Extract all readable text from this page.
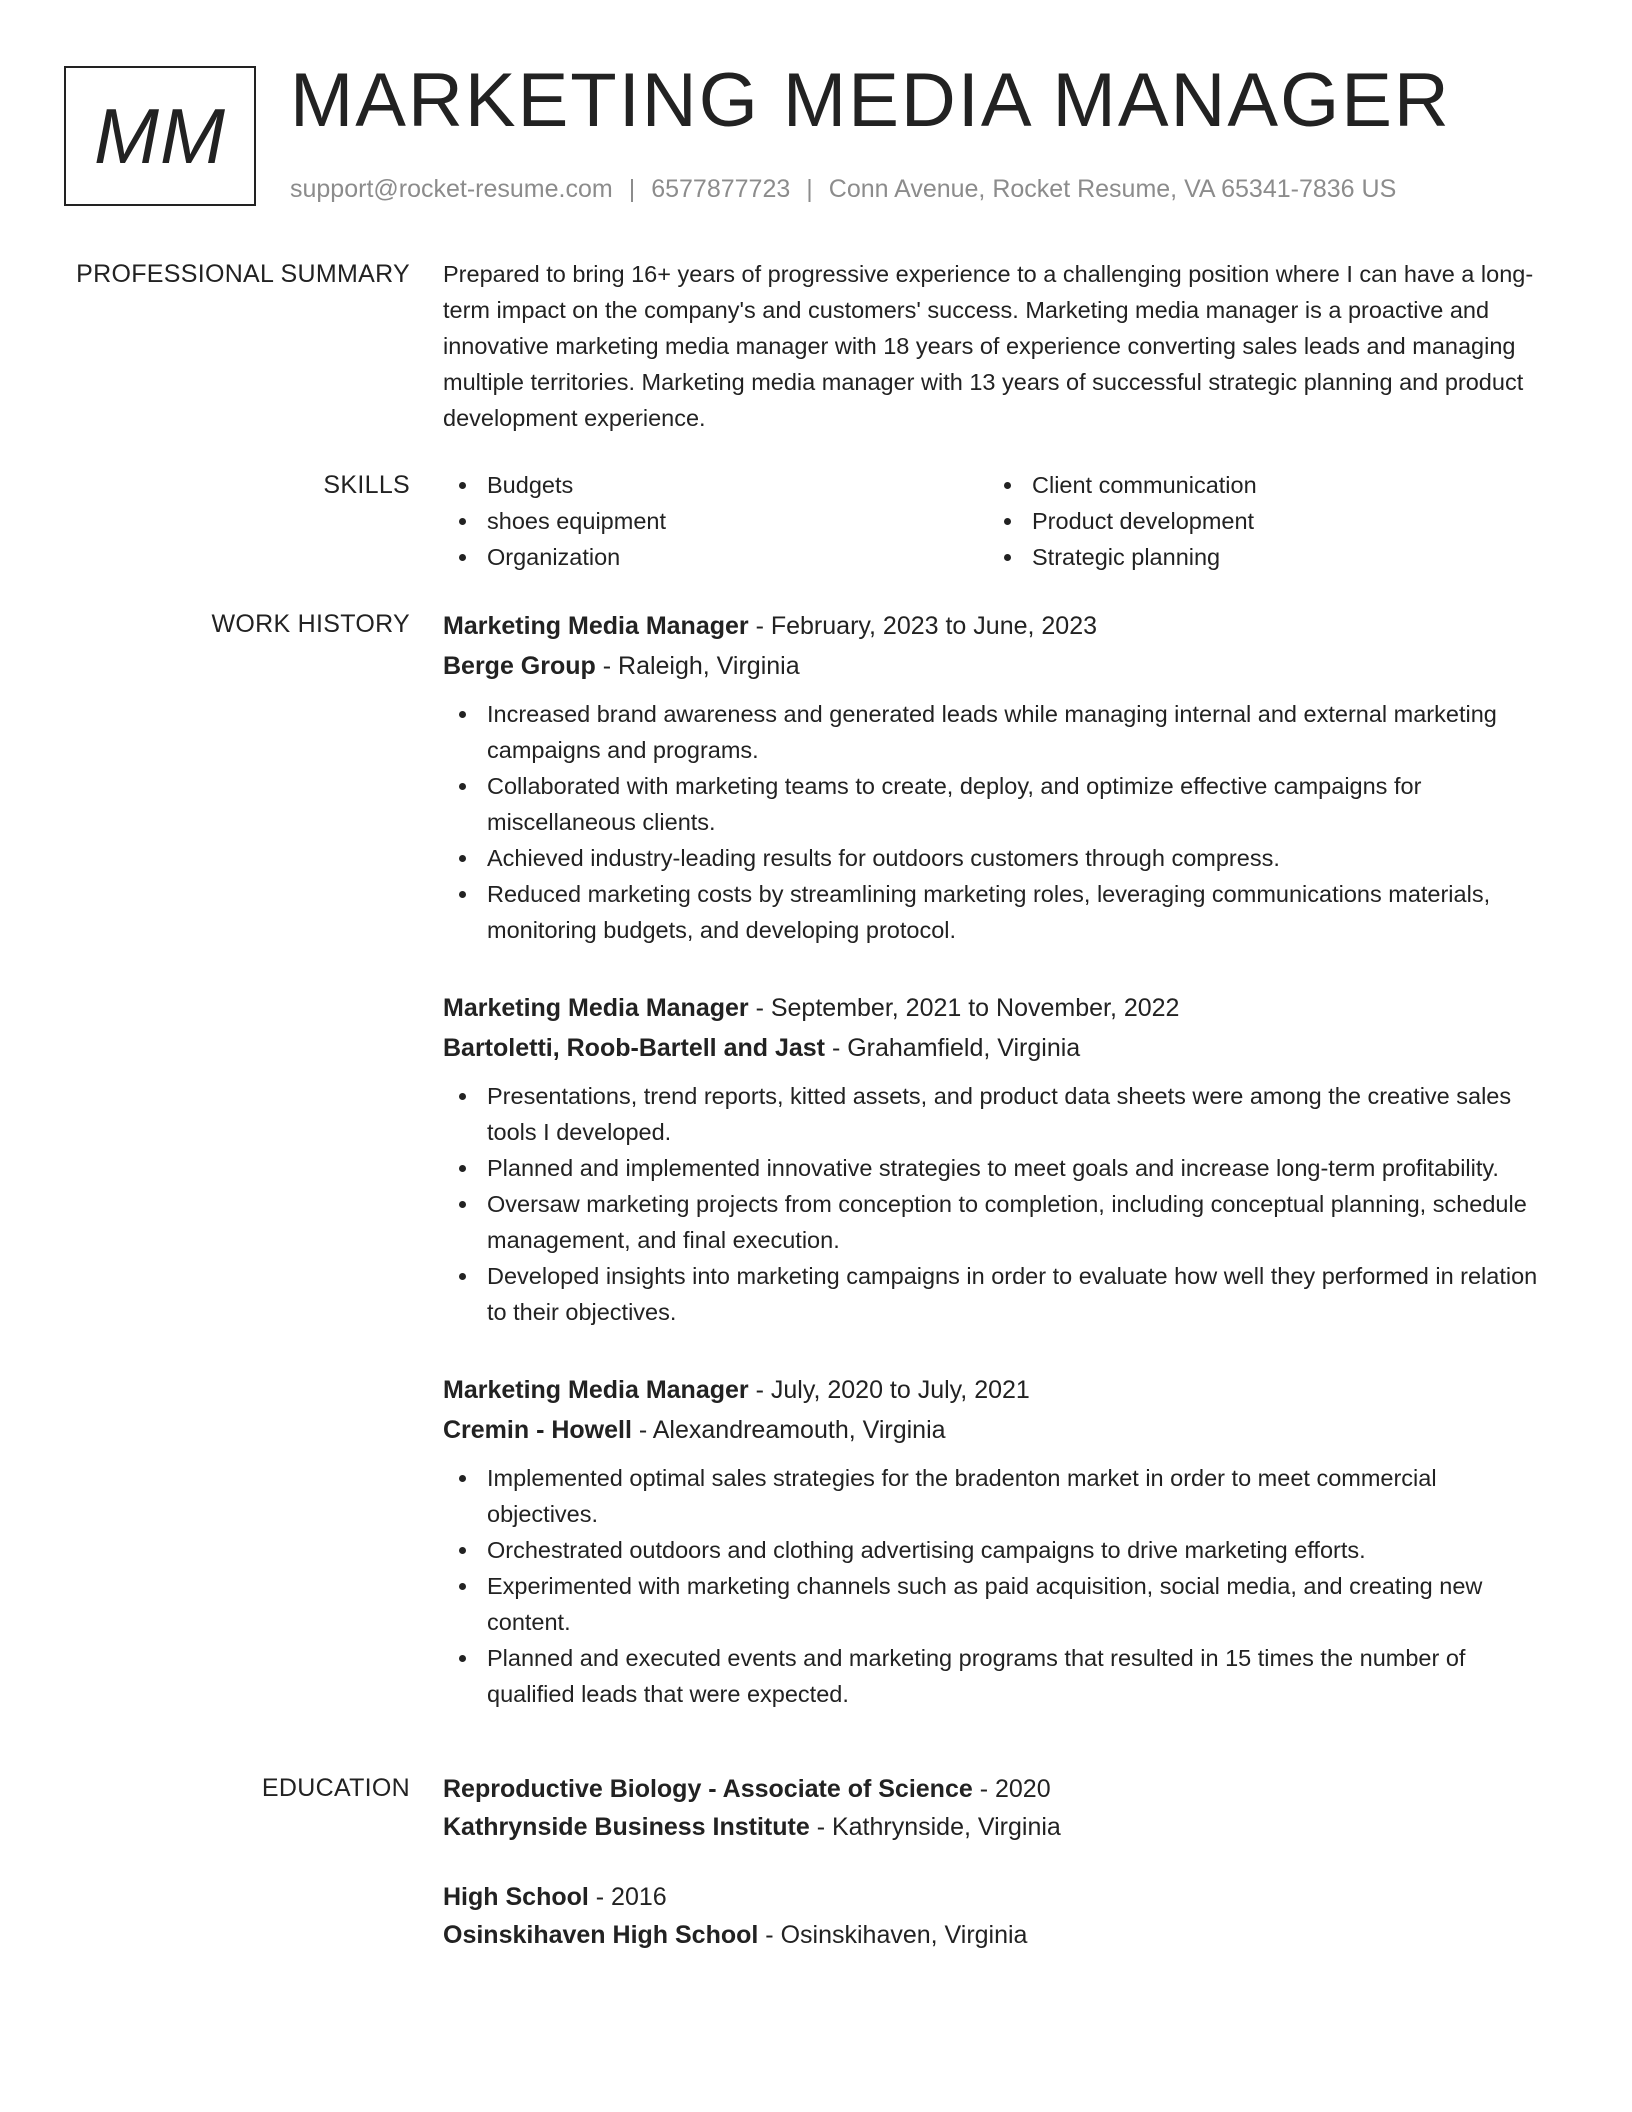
MM MARKETING MEDIA MANAGER
support@rocket-resume.com | 6577877723 | Conn Avenue, Rocket Resume, VA 65341-7836 US
PROFESSIONAL SUMMARY Prepared to bring 16+ years of progressive experience to a challenging position where I can have a long-term impact on the company's and customers' success. Marketing media manager is a proactive and innovative marketing media manager with 18 years of experience converting sales leads and managing multiple territories. Marketing media manager with 13 years of successful strategic planning and product development experience.

SKILLS	Budgets
shoes equipment
Organization
Client communication
Product development
Strategic planning
WORK HISTORY Marketing Media Manager - February, 2023 to June, 2023
Berge Group - Raleigh, Virginia
Increased brand awareness and generated leads while managing internal and external marketing campaigns and programs.
Collaborated with marketing teams to create, deploy, and optimize effective campaigns for miscellaneous clients.
Achieved industry-leading results for outdoors customers through compress.
Reduced marketing costs by streamlining marketing roles, leveraging communications materials, monitoring budgets, and developing protocol.
Marketing Media Manager - September, 2021 to November, 2022
Bartoletti, Roob-Bartell and Jast - Grahamfield, Virginia
Presentations, trend reports, kitted assets, and product data sheets were among the creative sales tools I developed.
Planned and implemented innovative strategies to meet goals and increase long-term profitability.
Oversaw marketing projects from conception to completion, including conceptual planning, schedule management, and final execution.
Developed insights into marketing campaigns in order to evaluate how well they performed in relation to their objectives.
Marketing Media Manager - July, 2020 to July, 2021
Cremin - Howell - Alexandreamouth, Virginia
Implemented optimal sales strategies for the bradenton market in order to meet commercial objectives.
Orchestrated outdoors and clothing advertising campaigns to drive marketing efforts.
Experimented with marketing channels such as paid acquisition, social media, and creating new content.
Planned and executed events and marketing programs that resulted in 15 times the number of qualified leads that were expected.
EDUCATION Reproductive Biology - Associate of Science - 2020
Kathrynside Business Institute - Kathrynside, Virginia
High School - 2016
Osinskihaven High School - Osinskihaven, Virginia
